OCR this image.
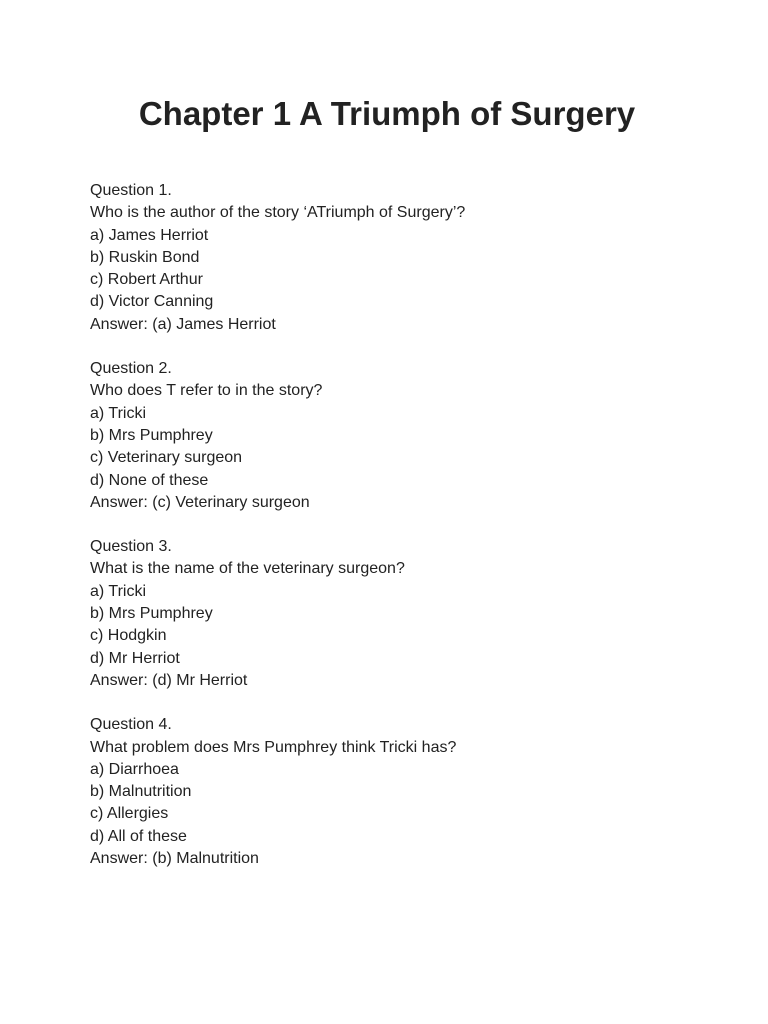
Chapter 1 A Triumph of Surgery

Question 1.

Who is the author of the story ‘ATriumph of Surgery’?

a) James Herriot

b) Ruskin Bond

c) Robert Arthur

d) Victor Canning

Answer: (a) James Herriot

Question 2.

Who does T refer to in the story?

a) Tricki

b) Mrs Pumphrey

c) Veterinary surgeon

d) None of these

Answer: (c) Veterinary surgeon

Question 3.

What is the name of the veterinary surgeon?

a) Tricki

b) Mrs Pumphrey

c) Hodgkin

d) Mr Herriot

Answer: (d) Mr Herriot

Question 4.

What problem does Mrs Pumphrey think Tricki has?

a) Diarrhoea

b) Malnutrition

c) Allergies

d) All of these

Answer: (b) Malnutrition
